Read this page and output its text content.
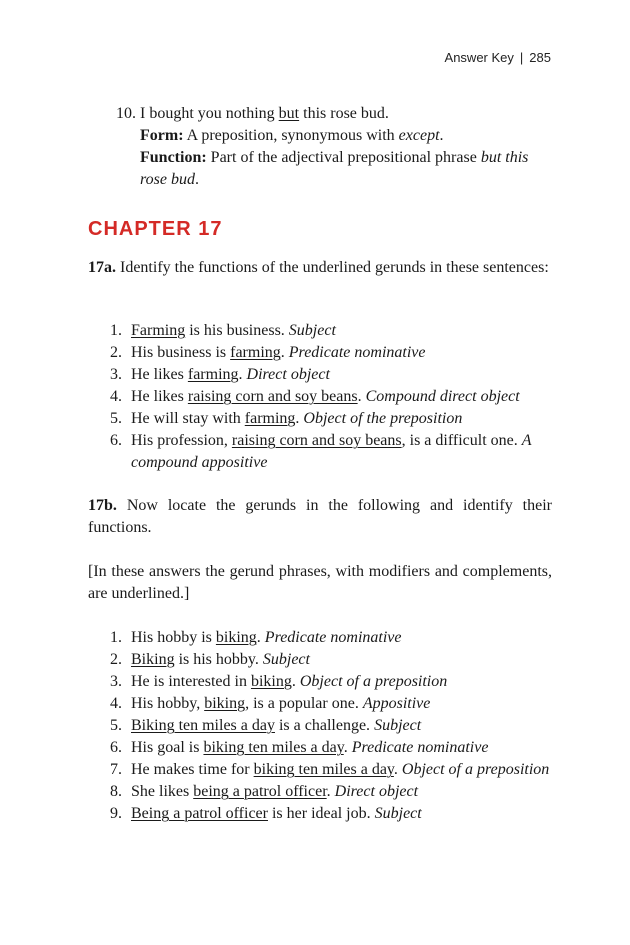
Answer Key | 285
10. I bought you nothing but this rose bud.
Form: A preposition, synonymous with except.
Function: Part of the adjectival prepositional phrase but this rose bud.
CHAPTER 17
17a. Identify the functions of the underlined gerunds in these sentences:
1. Farming is his business. Subject
2. His business is farming. Predicate nominative
3. He likes farming. Direct object
4. He likes raising corn and soy beans. Compound direct object
5. He will stay with farming. Object of the preposition
6. His profession, raising corn and soy beans, is a difficult one. A compound appositive
17b. Now locate the gerunds in the following and identify their functions.
[In these answers the gerund phrases, with modifiers and complements, are underlined.]
1. His hobby is biking. Predicate nominative
2. Biking is his hobby. Subject
3. He is interested in biking. Object of a preposition
4. His hobby, biking, is a popular one. Appositive
5. Biking ten miles a day is a challenge. Subject
6. His goal is biking ten miles a day. Predicate nominative
7. He makes time for biking ten miles a day. Object of a preposition
8. She likes being a patrol officer. Direct object
9. Being a patrol officer is her ideal job. Subject
